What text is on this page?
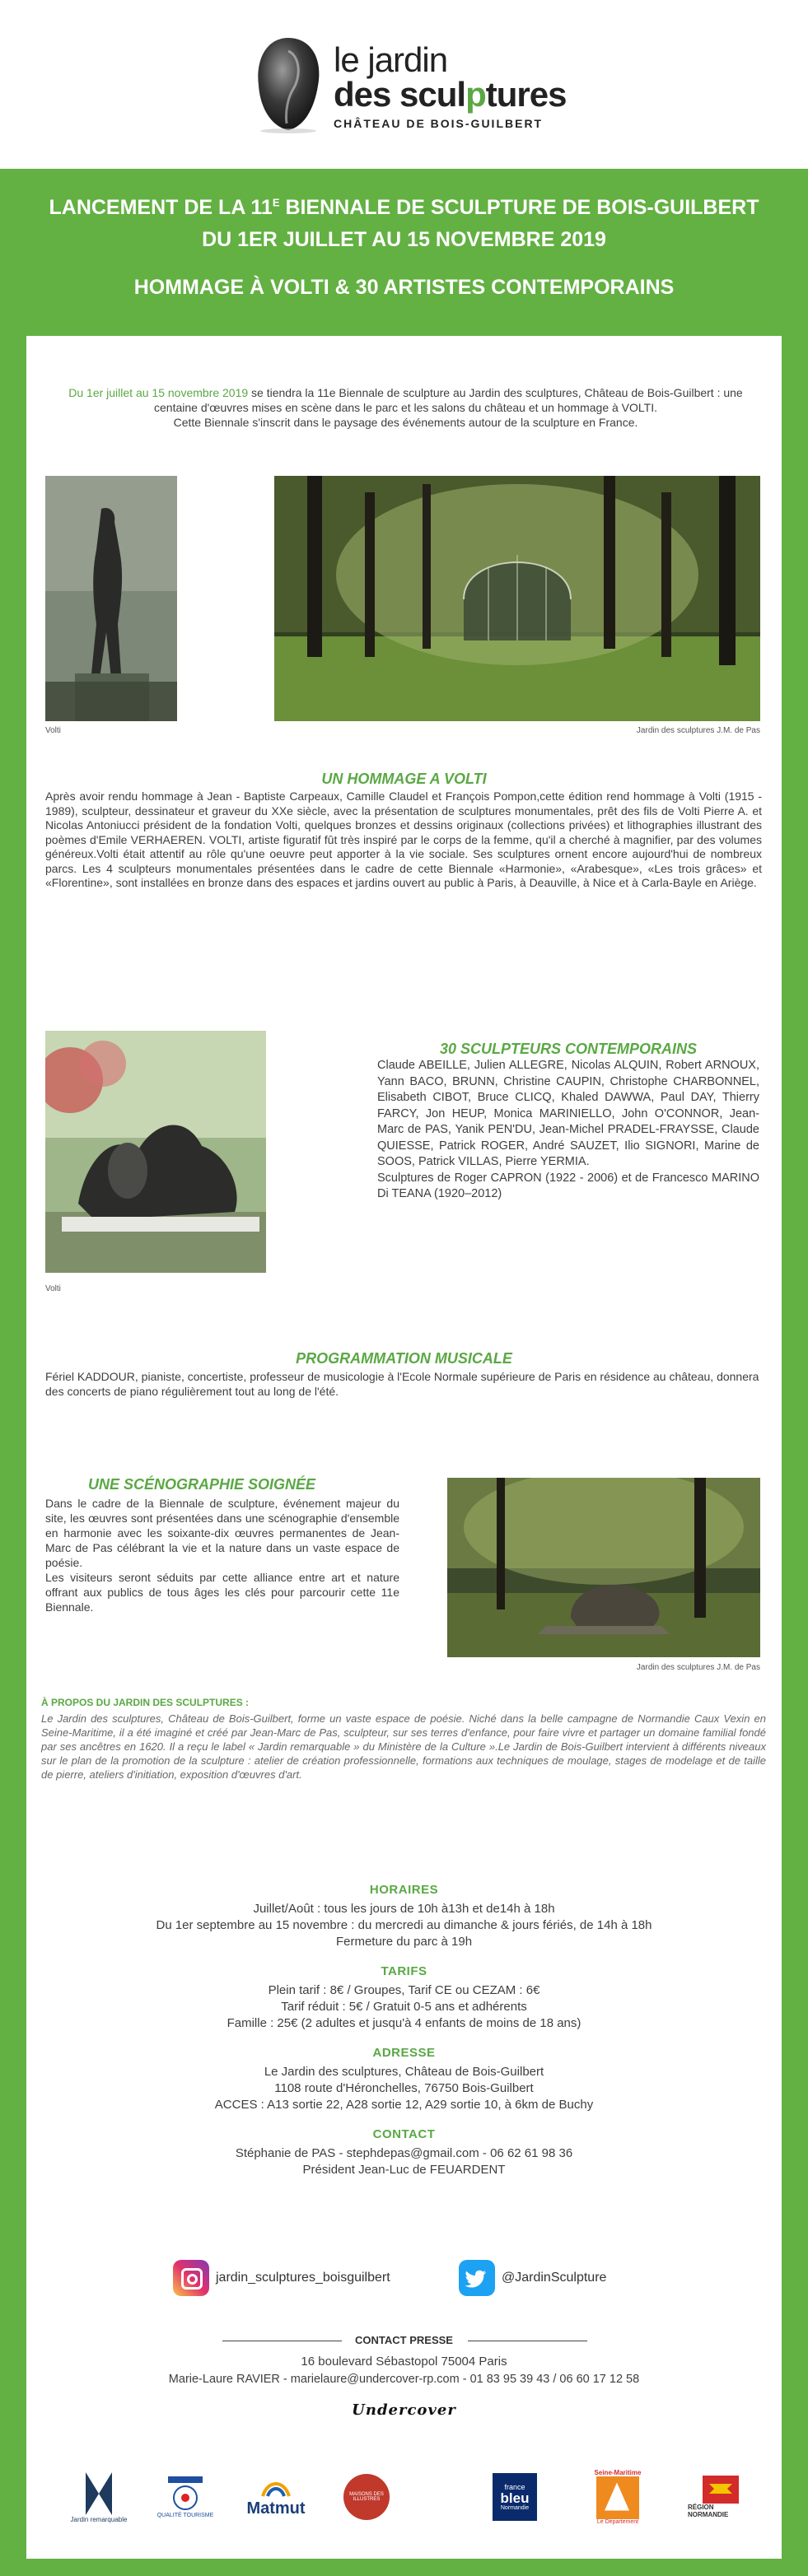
le jardin
des sculptures
CHÂTEAU DE BOIS-GUILBERT
LANCEMENT DE LA $11^E$ BIENNALE DE SCULPTURE DE BOIS-GUILBERT
DU 1ER JUILLET AU 15 NOVEMBRE 2019
HOMMAGE À VOLTI & 30 ARTISTES CONTEMPORAINS
Du 1er juillet au 15 novembre 2019 se tiendra la 11e Biennale de sculpture au Jardin des sculptures, Château de Bois-Guilbert : une centaine d'œuvres mises en scène dans le parc et les salons du château et un hommage à VOLTI.
Cette Biennale s'inscrit dans le paysage des événements autour de la sculpture en France.
Volti	Jardin des sculptures J.M. de Pas
UN HOMMAGE A VOLTI
Après avoir rendu hommage à Jean - Baptiste Carpeaux, Camille Claudel et François Pompon,cette édition rend hommage à Volti (1915 - 1989), sculpteur, dessinateur et graveur du XXe siècle, avec la présentation de sculptures monumentales, prêt des fils de Volti Pierre A. et Nicolas Antoniucci président de la fondation Volti, quelques bronzes et dessins originaux (collections privées) et lithographies illustrant des poèmes d'Emile VERHAEREN. VOLTI, artiste figuratif fût très inspiré par le corps de la femme, qu'il a cherché à magnifier, par des volumes généreux.Volti était attentif au rôle qu'une oeuvre peut apporter à la vie sociale. Ses sculptures ornent encore aujourd'hui de nombreux parcs. Les 4 sculpteurs monumentales présentées dans le cadre de cette Biennale «Harmonie», «Arabesque», «Les trois grâces» et «Florentine», sont installées en bronze dans des espaces et jardins ouvert au public à Paris, à Deauville, à Nice et à Carla-Bayle en Ariège.
Volti
30 SCULPTEURS CONTEMPORAINS
Claude ABEILLE, Julien ALLEGRE, Nicolas ALQUIN, Robert ARNOUX, Yann BACO, BRUNN, Christine CAUPIN, Christophe CHARBONNEL, Elisabeth CIBOT, Bruce CLICQ, Khaled DAWWA, Paul DAY, Thierry FARCY, Jon HEUP, Monica MARINIELLO, John O'CONNOR, Jean-Marc de PAS, Yanik PEN'DU, Jean-Michel PRADEL-FRAYSSE, Claude QUIESSE, Patrick ROGER, André SAUZET, Ilio SIGNORI, Marine de SOOS, Patrick VILLAS, Pierre YERMIA.
Sculptures de Roger CAPRON (1922 - 2006) et de Francesco MARINO Di TEANA (1920–2012)
PROGRAMMATION MUSICALE
Fériel KADDOUR, pianiste, concertiste, professeur de musicologie à l'Ecole Normale supérieure de Paris en résidence au château, donnera des concerts de piano régulièrement tout au long de l'été.
UNE SCÉNOGRAPHIE SOIGNÉE
Dans le cadre de la Biennale de sculpture, événement majeur du site, les œuvres sont présentées dans une scénographie d'ensemble en harmonie avec les soixante-dix œuvres permanentes de Jean-Marc de Pas célébrant la vie et la nature dans un vaste espace de poésie.
Les visiteurs seront séduits par cette alliance entre art et nature offrant aux publics de tous âges les clés pour parcourir cette 11e Biennale.
Jardin des sculptures J.M. de Pas
À PROPOS DU JARDIN DES SCULPTURES :
Le Jardin des sculptures, Château de Bois-Guilbert, forme un vaste espace de poésie. Niché dans la belle campagne de Normandie Caux Vexin en Seine-Maritime, il a été imaginé et créé par Jean-Marc de Pas, sculpteur, sur ses terres d'enfance, pour faire vivre et partager un domaine familial fondé par ses ancêtres en 1620. Il a reçu le label « Jardin remarquable » du Ministère de la Culture ».Le Jardin de Bois-Guilbert intervient à différents niveaux sur le plan de la promotion de la sculpture : atelier de création professionnelle, formations aux techniques de moulage, stages de modelage et de taille de pierre, ateliers d'initiation, exposition d'œuvres d'art.
HORAIRES
Juillet/Août : tous les jours de 10h à13h et de14h à 18h
Du 1er septembre au 15 novembre : du mercredi au dimanche & jours fériés, de 14h à 18h
Fermeture du parc à 19h
TARIFS
Plein tarif : 8€ / Groupes, Tarif CE ou CEZAM : 6€
Tarif réduit : 5€ / Gratuit 0-5 ans et adhérents
Famille : 25€ (2 adultes et jusqu'à 4 enfants de moins de 18 ans)
ADRESSE
Le Jardin des sculptures, Château de Bois-Guilbert
1108 route d'Héronchelles, 76750 Bois-Guilbert
ACCES : A13 sortie 22, A28 sortie 12, A29 sortie 10, à 6km de Buchy
CONTACT
Stéphanie de PAS - stephdepas@gmail.com - 06 62 61 98 36
Président Jean-Luc de FEUARDENT
jardin_sculptures_boisguilbert	@JardinSculpture
CONTACT PRESSE
16 boulevard Sébastopol 75004 Paris
Marie-Laure RAVIER - marielaure@undercover-rp.com - 01 83 95 39 43 / 06 60 17 12 58
Undercover
Jardin remarquable	QUALITÉ TOURISME Matmut
MAISONS DES ILLUSTRES
france
bleu
Normandie
Seine-Maritime
Le Département
RÉGION NORMANDIE
